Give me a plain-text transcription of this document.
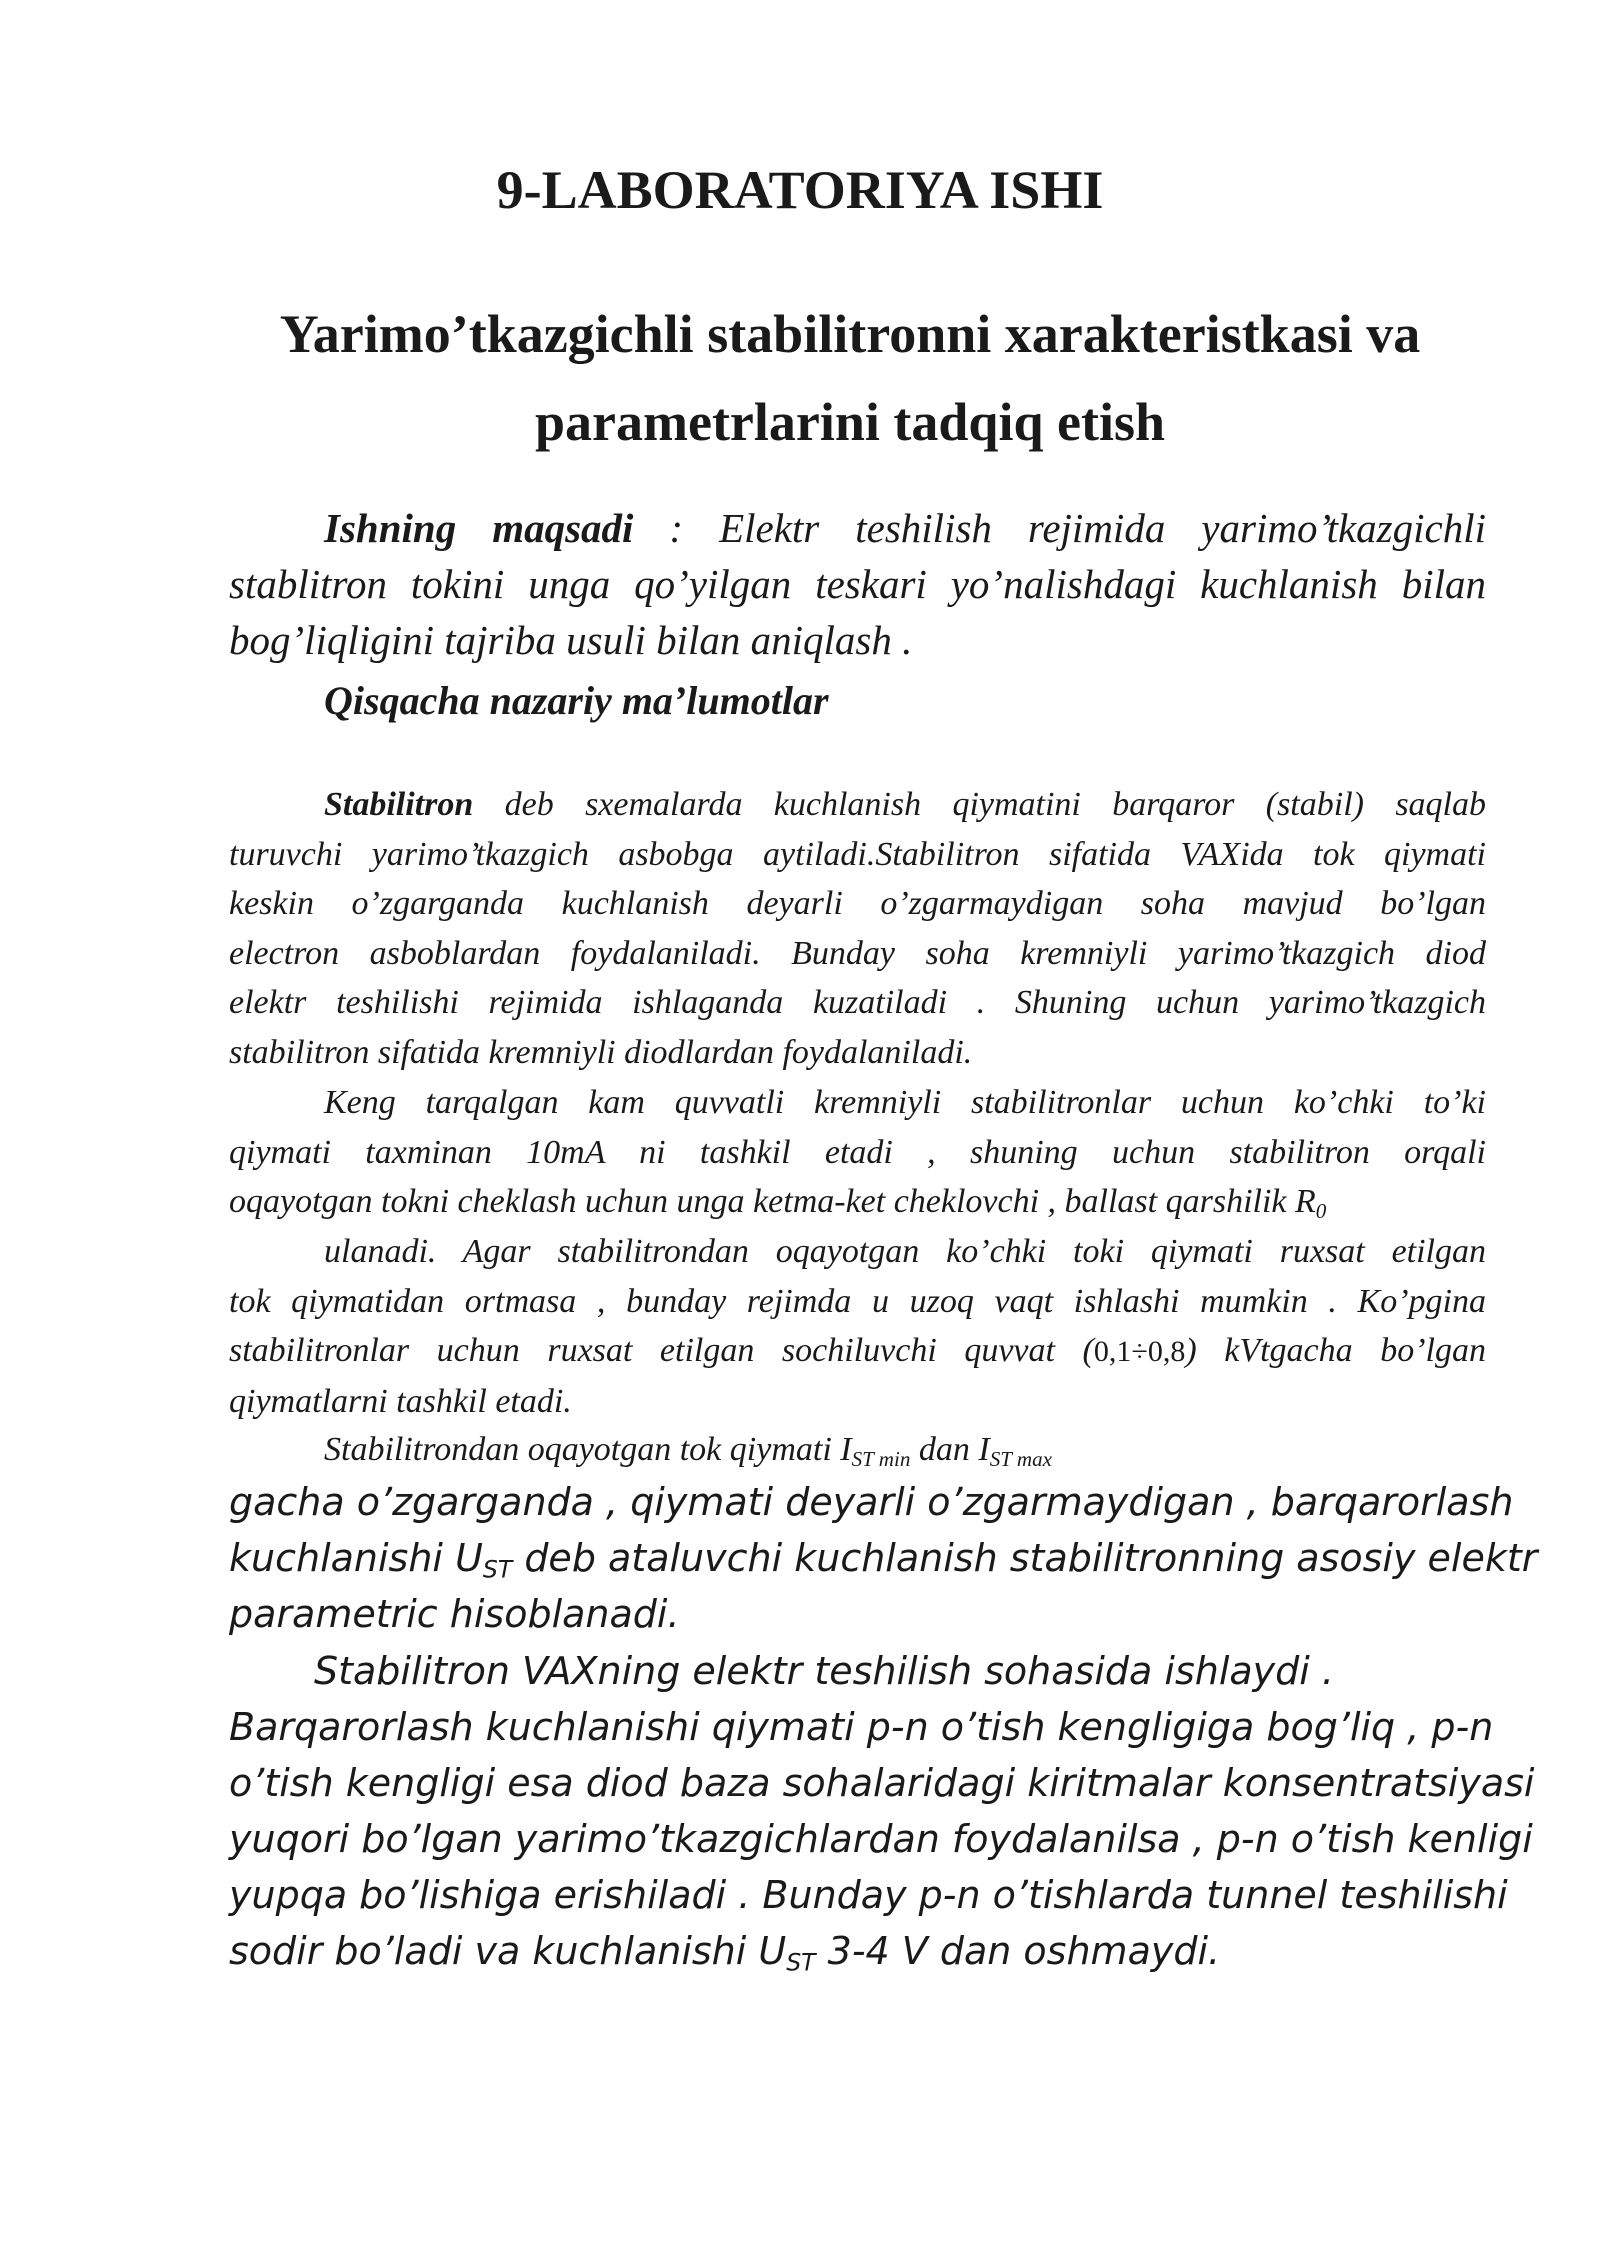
9-LABORATORIYA ISHI
Yarimo’tkazgichli stabilitronni xarakteristkasi va parametrlarini tadqiq etish
Ishning maqsadi : Elektr teshilish rejimida yarimo’tkazgichli
stablitron tokini unga qo’yilgan teskari yo’nalishdagi kuchlanish bilan
bog’liqligini tajriba usuli bilan aniqlash .
Qisqacha nazariy ma’lumotlar
Stabilitron deb sxemalarda kuchlanish qiymatini barqaror (stabil) saqlab
turuvchi yarimo’tkazgich asbobga aytiladi.Stabilitron sifatida VAXida tok qiymati
keskin o’zgarganda kuchlanish deyarli o’zgarmaydigan soha mavjud bo’lgan
electron asboblardan foydalaniladi. Bunday soha kremniyli yarimo’tkazgich diod
elektr teshilishi rejimida ishlaganda kuzatiladi . Shuning uchun yarimo’tkazgich
stabilitron sifatida kremniyli diodlardan foydalaniladi.
Keng tarqalgan kam quvvatli kremniyli stabilitronlar uchun ko’chki to’ki
qiymati taxminan 10mA ni tashkil etadi , shuning uchun stabilitron orqali
oqayotgan tokni cheklash uchun unga ketma-ket cheklovchi , ballast qarshilik $R_0$
ulanadi. Agar stabilitrondan oqayotgan ko’chki toki qiymati ruxsat etilgan
tok qiymatidan ortmasa , bunday rejimda u uzoq vaqt ishlashi mumkin . Ko’pgina
stabilitronlar uchun ruxsat etilgan sochiluvchi quvvat (0,1÷0,8) kVtgacha bo’lgan
qiymatlarni tashkil etadi.
Stabilitrondan oqayotgan tok qiymati $I_{ST min}$ dan $I_{ST max}$
gacha o’zgarganda , qiymati deyarli o’zgarmaydigan , barqarorlash
kuchlanishi $U_{ST}$ deb ataluvchi kuchlanish stabilitronning asosiy elektr
parametric hisoblanadi.
Stabilitron VAXning elektr teshilish sohasida ishlaydi .
Barqarorlash kuchlanishi qiymati p-n o’tish kengligiga bog’liq , p-n
o’tish kengligi esa diod baza sohalaridagi kiritmalar konsentratsiyasi
yuqori bo’lgan yarimo’tkazgichlardan foydalanilsa , p-n o’tish kenligi
yupqa bo’lishiga erishiladi . Bunday p-n o’tishlarda tunnel teshilishi
sodir bo’ladi va kuchlanishi $U_{ST}$ 3-4 V dan oshmaydi.
